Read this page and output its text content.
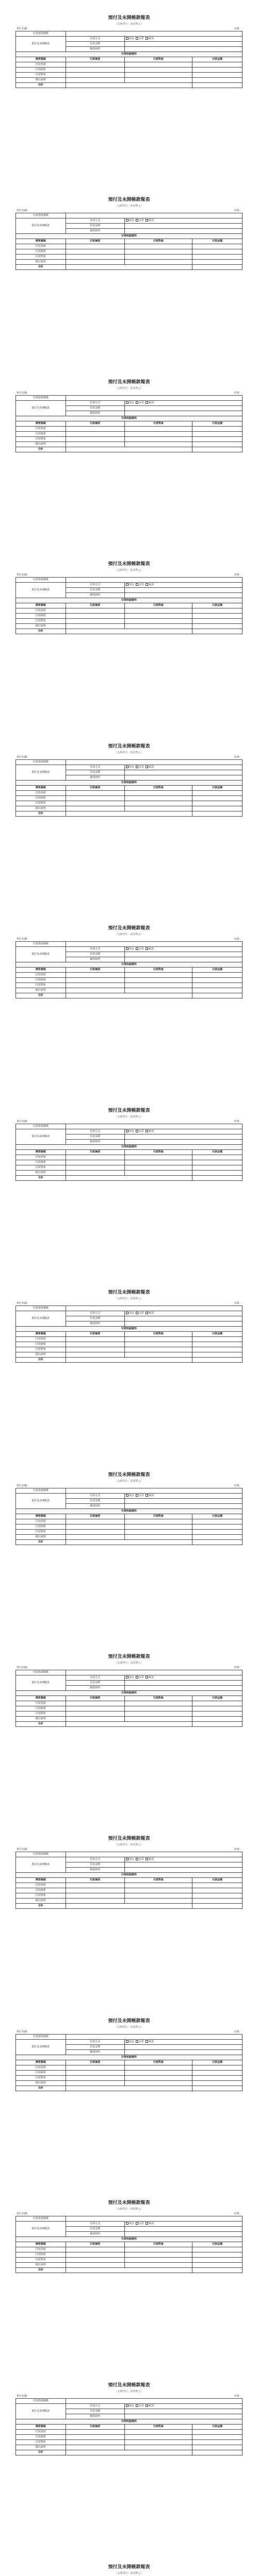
預付及未開帳款報表
（金額單位：新臺幣元）
單位名稱：	日期：
付款憑證號碼			
預付及未開帳款	付款方式	現金  支票  匯款	
	付款金額		
	摘要說明		
付款明細資料			
傳票號碼	付款摘要	付款對象	付款金額
付款憑證			
付款摘要			
付款對象			
備註說明			
合計			
預付及未開帳款報表
（金額單位：新臺幣元）
單位名稱：	日期：
付款憑證號碼			
預付及未開帳款	付款方式	現金  支票  匯款	
	付款金額		
	摘要說明		
付款明細資料			
傳票號碼	付款摘要	付款對象	付款金額
付款憑證			
付款摘要			
付款對象			
備註說明			
合計			
預付及未開帳款報表
（金額單位：新臺幣元）
單位名稱：	日期：
付款憑證號碼			
預付及未開帳款	付款方式	現金  支票  匯款	
	付款金額		
	摘要說明		
付款明細資料			
傳票號碼	付款摘要	付款對象	付款金額
付款憑證			
付款摘要			
付款對象			
備註說明			
合計			
預付及未開帳款報表
（金額單位：新臺幣元）
單位名稱：	日期：
付款憑證號碼			
預付及未開帳款	付款方式	現金  支票  匯款	
	付款金額		
	摘要說明		
付款明細資料			
傳票號碼	付款摘要	付款對象	付款金額
付款憑證			
付款摘要			
付款對象			
備註說明			
合計			
預付及未開帳款報表
（金額單位：新臺幣元）
單位名稱：	日期：
付款憑證號碼			
預付及未開帳款	付款方式	現金  支票  匯款	
	付款金額		
	摘要說明		
付款明細資料			
傳票號碼	付款摘要	付款對象	付款金額
付款憑證			
付款摘要			
付款對象			
備註說明			
合計			
預付及未開帳款報表
（金額單位：新臺幣元）
單位名稱：	日期：
付款憑證號碼			
預付及未開帳款	付款方式	現金  支票  匯款	
	付款金額		
	摘要說明		
付款明細資料			
傳票號碼	付款摘要	付款對象	付款金額
付款憑證			
付款摘要			
付款對象			
備註說明			
合計			
預付及未開帳款報表
（金額單位：新臺幣元）
單位名稱：	日期：
付款憑證號碼			
預付及未開帳款	付款方式	現金  支票  匯款	
	付款金額		
	摘要說明		
付款明細資料			
傳票號碼	付款摘要	付款對象	付款金額
付款憑證			
付款摘要			
付款對象			
備註說明			
合計			
預付及未開帳款報表
（金額單位：新臺幣元）
單位名稱：	日期：
付款憑證號碼			
預付及未開帳款	付款方式	現金  支票  匯款	
	付款金額		
	摘要說明		
付款明細資料			
傳票號碼	付款摘要	付款對象	付款金額
付款憑證			
付款摘要			
付款對象			
備註說明			
合計			
預付及未開帳款報表
（金額單位：新臺幣元）
單位名稱：	日期：
付款憑證號碼			
預付及未開帳款	付款方式	現金  支票  匯款	
	付款金額		
	摘要說明		
付款明細資料			
傳票號碼	付款摘要	付款對象	付款金額
付款憑證			
付款摘要			
付款對象			
備註說明			
合計			
預付及未開帳款報表
（金額單位：新臺幣元）
單位名稱：	日期：
付款憑證號碼			
預付及未開帳款	付款方式	現金  支票  匯款	
	付款金額		
	摘要說明		
付款明細資料			
傳票號碼	付款摘要	付款對象	付款金額
付款憑證			
付款摘要			
付款對象			
備註說明			
合計			
預付及未開帳款報表
（金額單位：新臺幣元）
單位名稱：	日期：
付款憑證號碼			
預付及未開帳款	付款方式	現金  支票  匯款	
	付款金額		
	摘要說明		
付款明細資料			
傳票號碼	付款摘要	付款對象	付款金額
付款憑證			
付款摘要			
付款對象			
備註說明			
合計			
預付及未開帳款報表
（金額單位：新臺幣元）
單位名稱：	日期：
付款憑證號碼			
預付及未開帳款	付款方式	現金  支票  匯款	
	付款金額		
	摘要說明		
付款明細資料			
傳票號碼	付款摘要	付款對象	付款金額
付款憑證			
付款摘要			
付款對象			
備註說明			
合計			
預付及未開帳款報表
（金額單位：新臺幣元）
單位名稱：	日期：
付款憑證號碼			
預付及未開帳款	付款方式	現金  支票  匯款	
	付款金額		
	摘要說明		
付款明細資料			
傳票號碼	付款摘要	付款對象	付款金額
付款憑證			
付款摘要			
付款對象			
備註說明			
合計			
預付及未開帳款報表
（金額單位：新臺幣元）
單位名稱：	日期：
付款憑證號碼			
預付及未開帳款	付款方式	現金  支票  匯款	
	付款金額		
	摘要說明		
付款明細資料			
傳票號碼	付款摘要	付款對象	付款金額
付款憑證			
付款摘要			
付款對象			
備註說明			
合計			
預付及未開帳款報表
（金額單位：新臺幣元）
